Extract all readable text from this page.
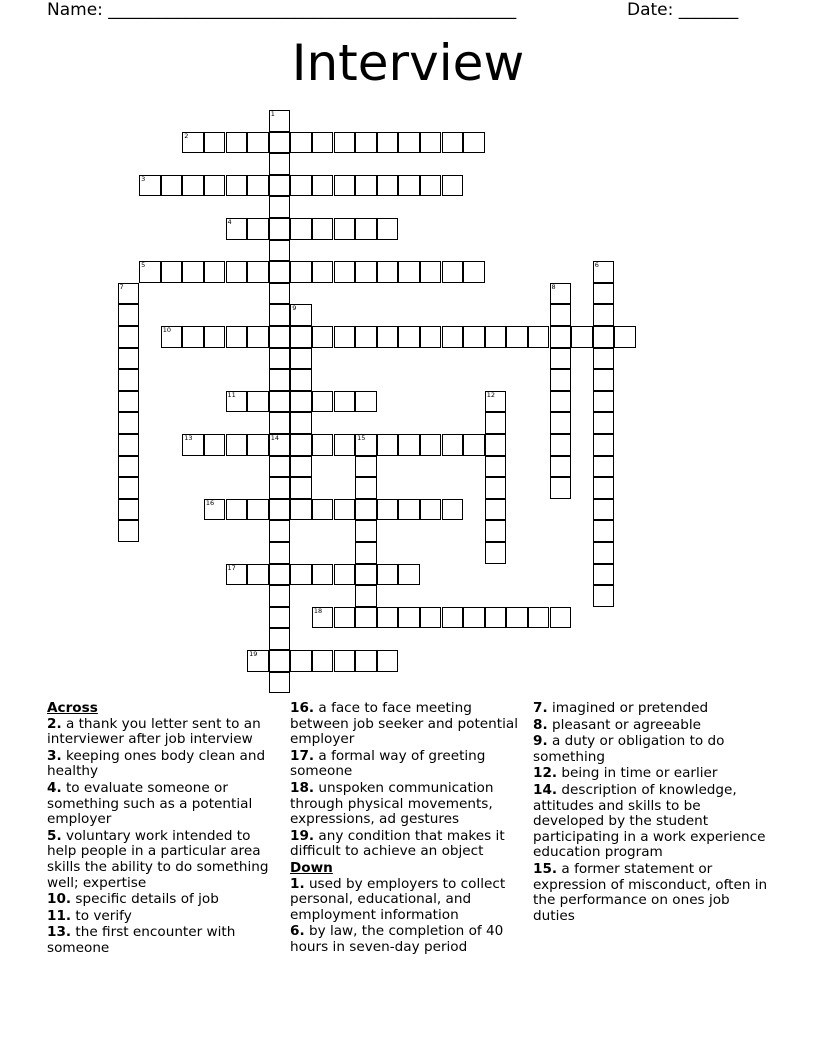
Name: ________________________________________________	Date: _______
Interview
2
3
4
5
10
11
13	14	15
16
17
18
19
1
6
7	8
9
12
Across
2. a thank you letter sent to an interviewer after job interview
3. keeping ones body clean and healthy
4. to evaluate someone or something such as a potential employer
5. voluntary work intended to help people in a particular area skills the ability to do something well; expertise
10. specific details of job
11. to verify
13. the first encounter with someone
16. a face to face meeting between job seeker and potential employer
17. a formal way of greeting someone
18. unspoken communication through physical movements, expressions, ad gestures
19. any condition that makes it difficult to achieve an object
Down
1. used by employers to collect personal, educational, and employment information
6. by law, the completion of 40 hours in seven-day period
7. imagined or pretended
8. pleasant or agreeable
9. a duty or obligation to do something
12. being in time or earlier
14. description of knowledge, attitudes and skills to be developed by the student participating in a work experience education program
15. a former statement or expression of misconduct, often in the performance on ones job duties
